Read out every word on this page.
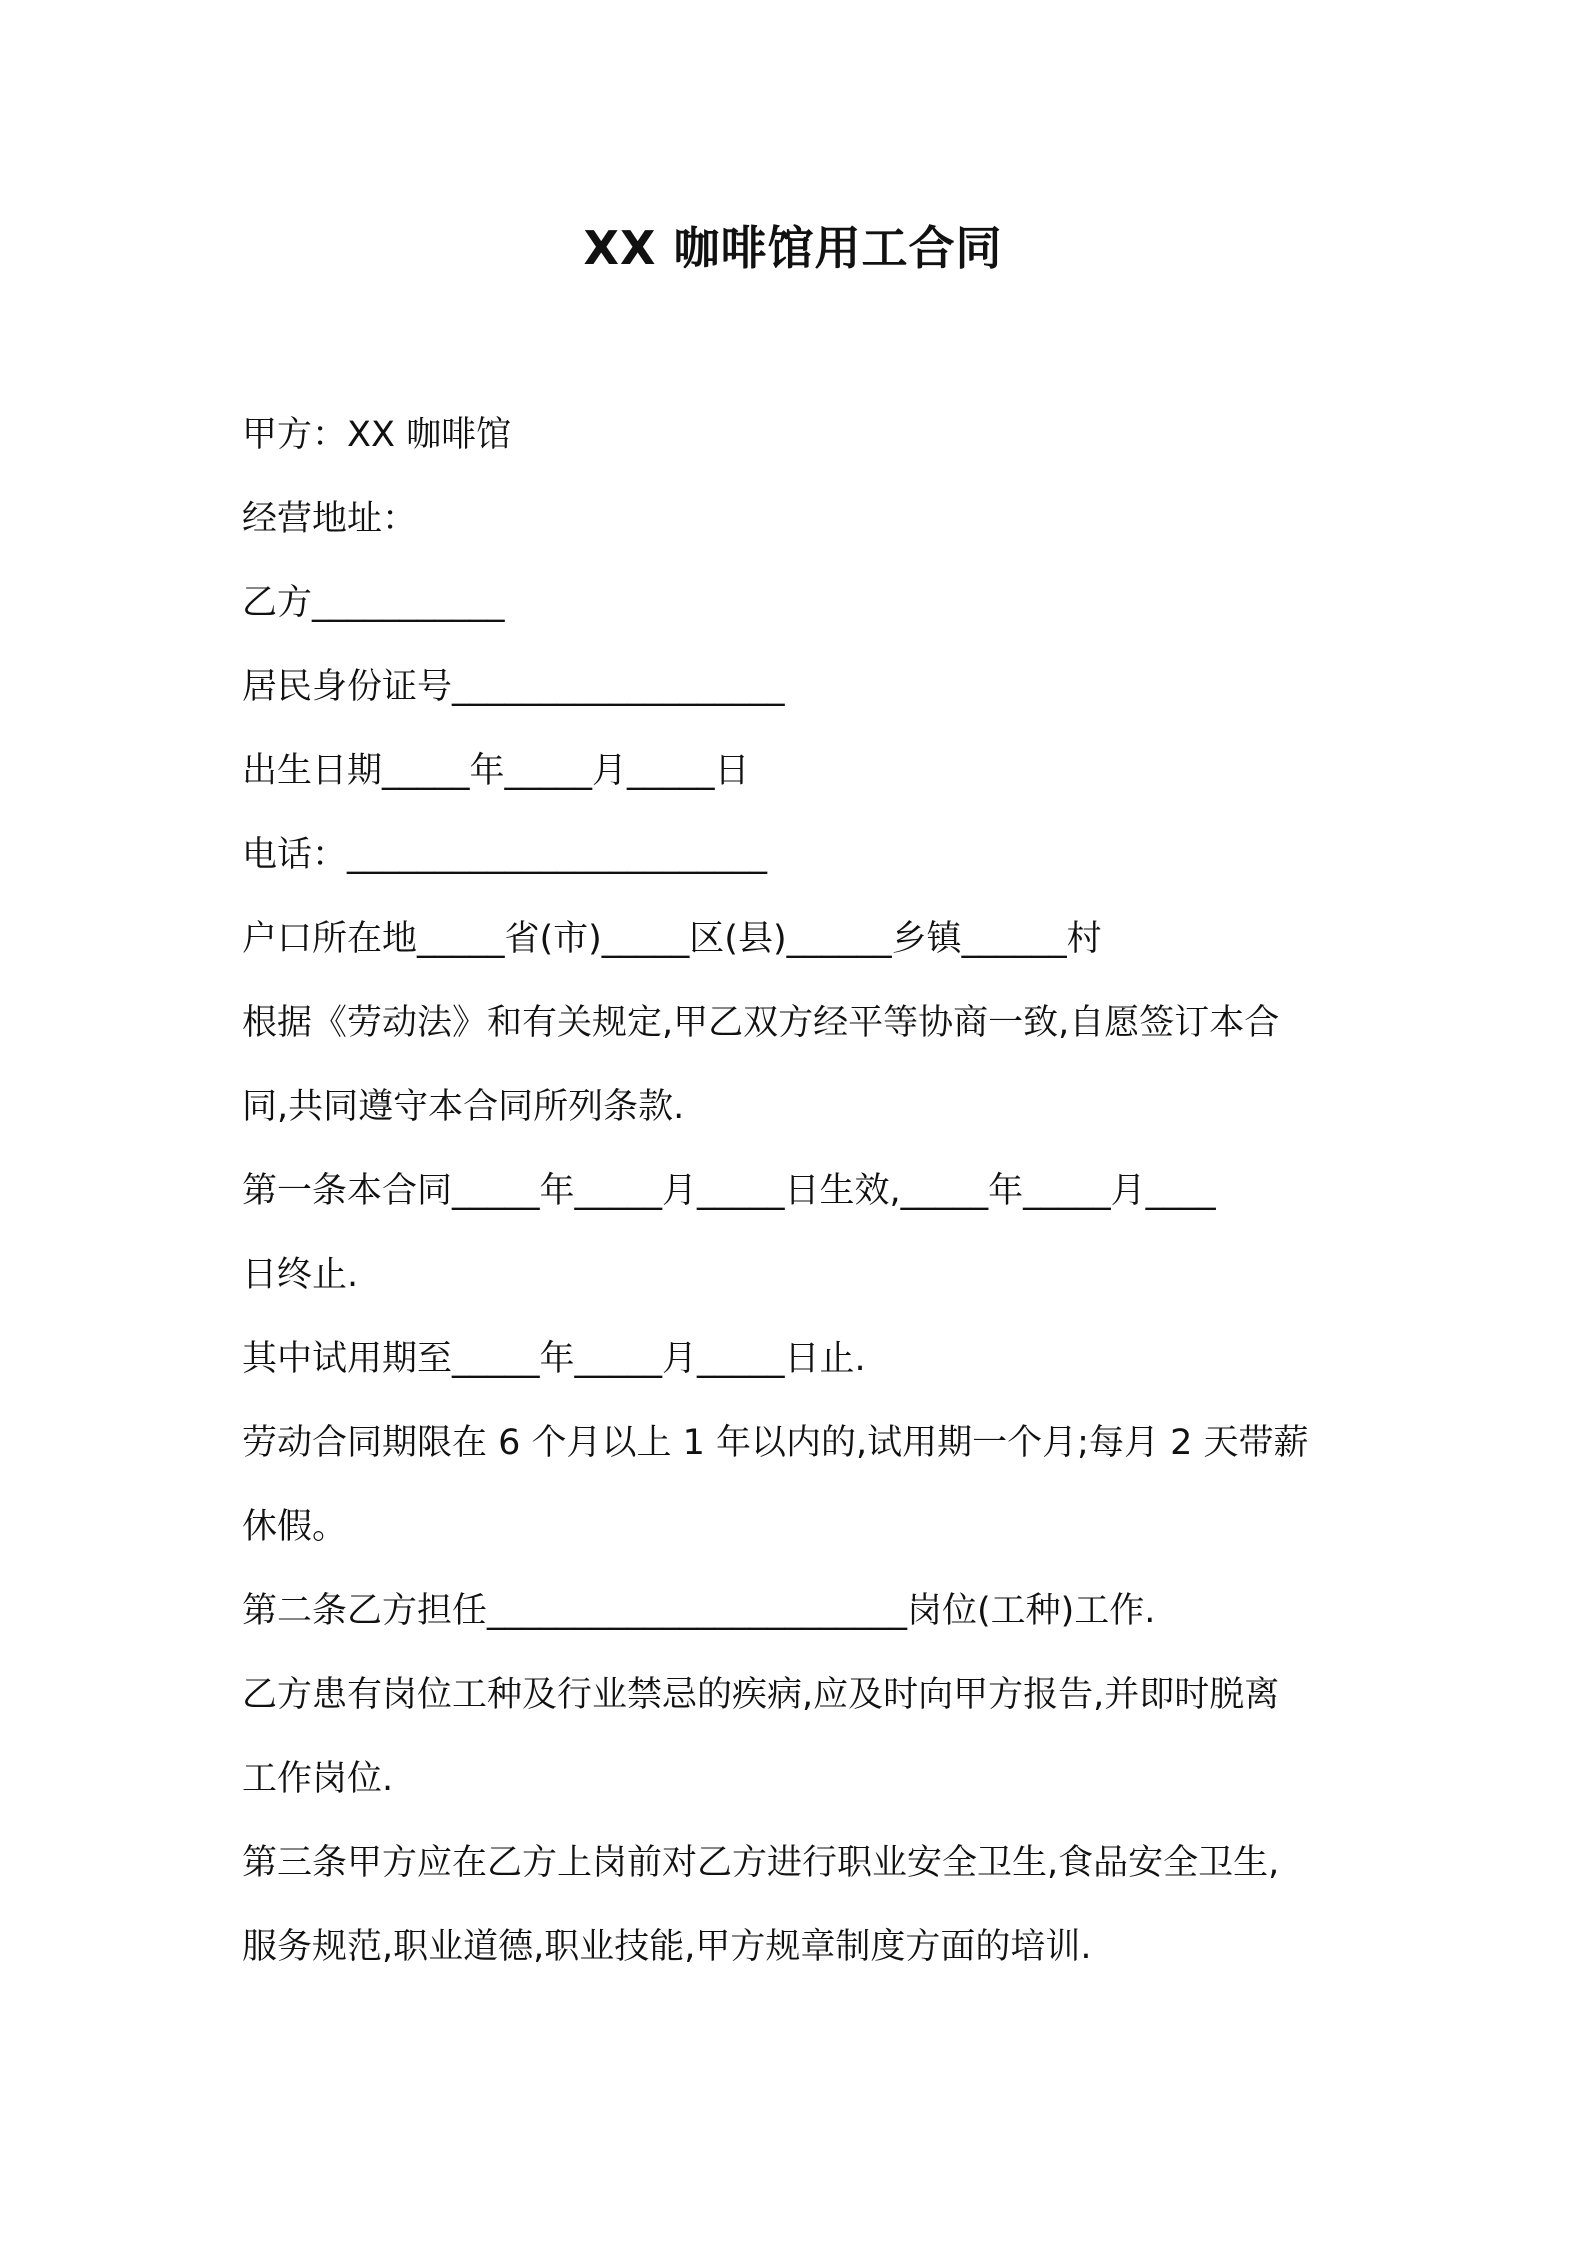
XX 咖啡馆用工合同
甲方：XX 咖啡馆
经营地址：
乙方___________
居民身份证号___________________
出生日期_____年_____月_____日
电话：________________________
户口所在地_____省(市)_____区(县)______乡镇______村
根据《劳动法》和有关规定,甲乙双方经平等协商一致,自愿签订本合
同,共同遵守本合同所列条款.
第一条本合同_____年_____月_____日生效,_____年_____月____
日终止.
其中试用期至_____年_____月_____日止.
劳动合同期限在 6 个月以上 1 年以内的,试用期一个月;每月 2 天带薪
休假。
第二条乙方担任________________________岗位(工种)工作.
乙方患有岗位工种及行业禁忌的疾病,应及时向甲方报告,并即时脱离
工作岗位.
第三条甲方应在乙方上岗前对乙方进行职业安全卫生,食品安全卫生,
服务规范,职业道德,职业技能,甲方规章制度方面的培训.
